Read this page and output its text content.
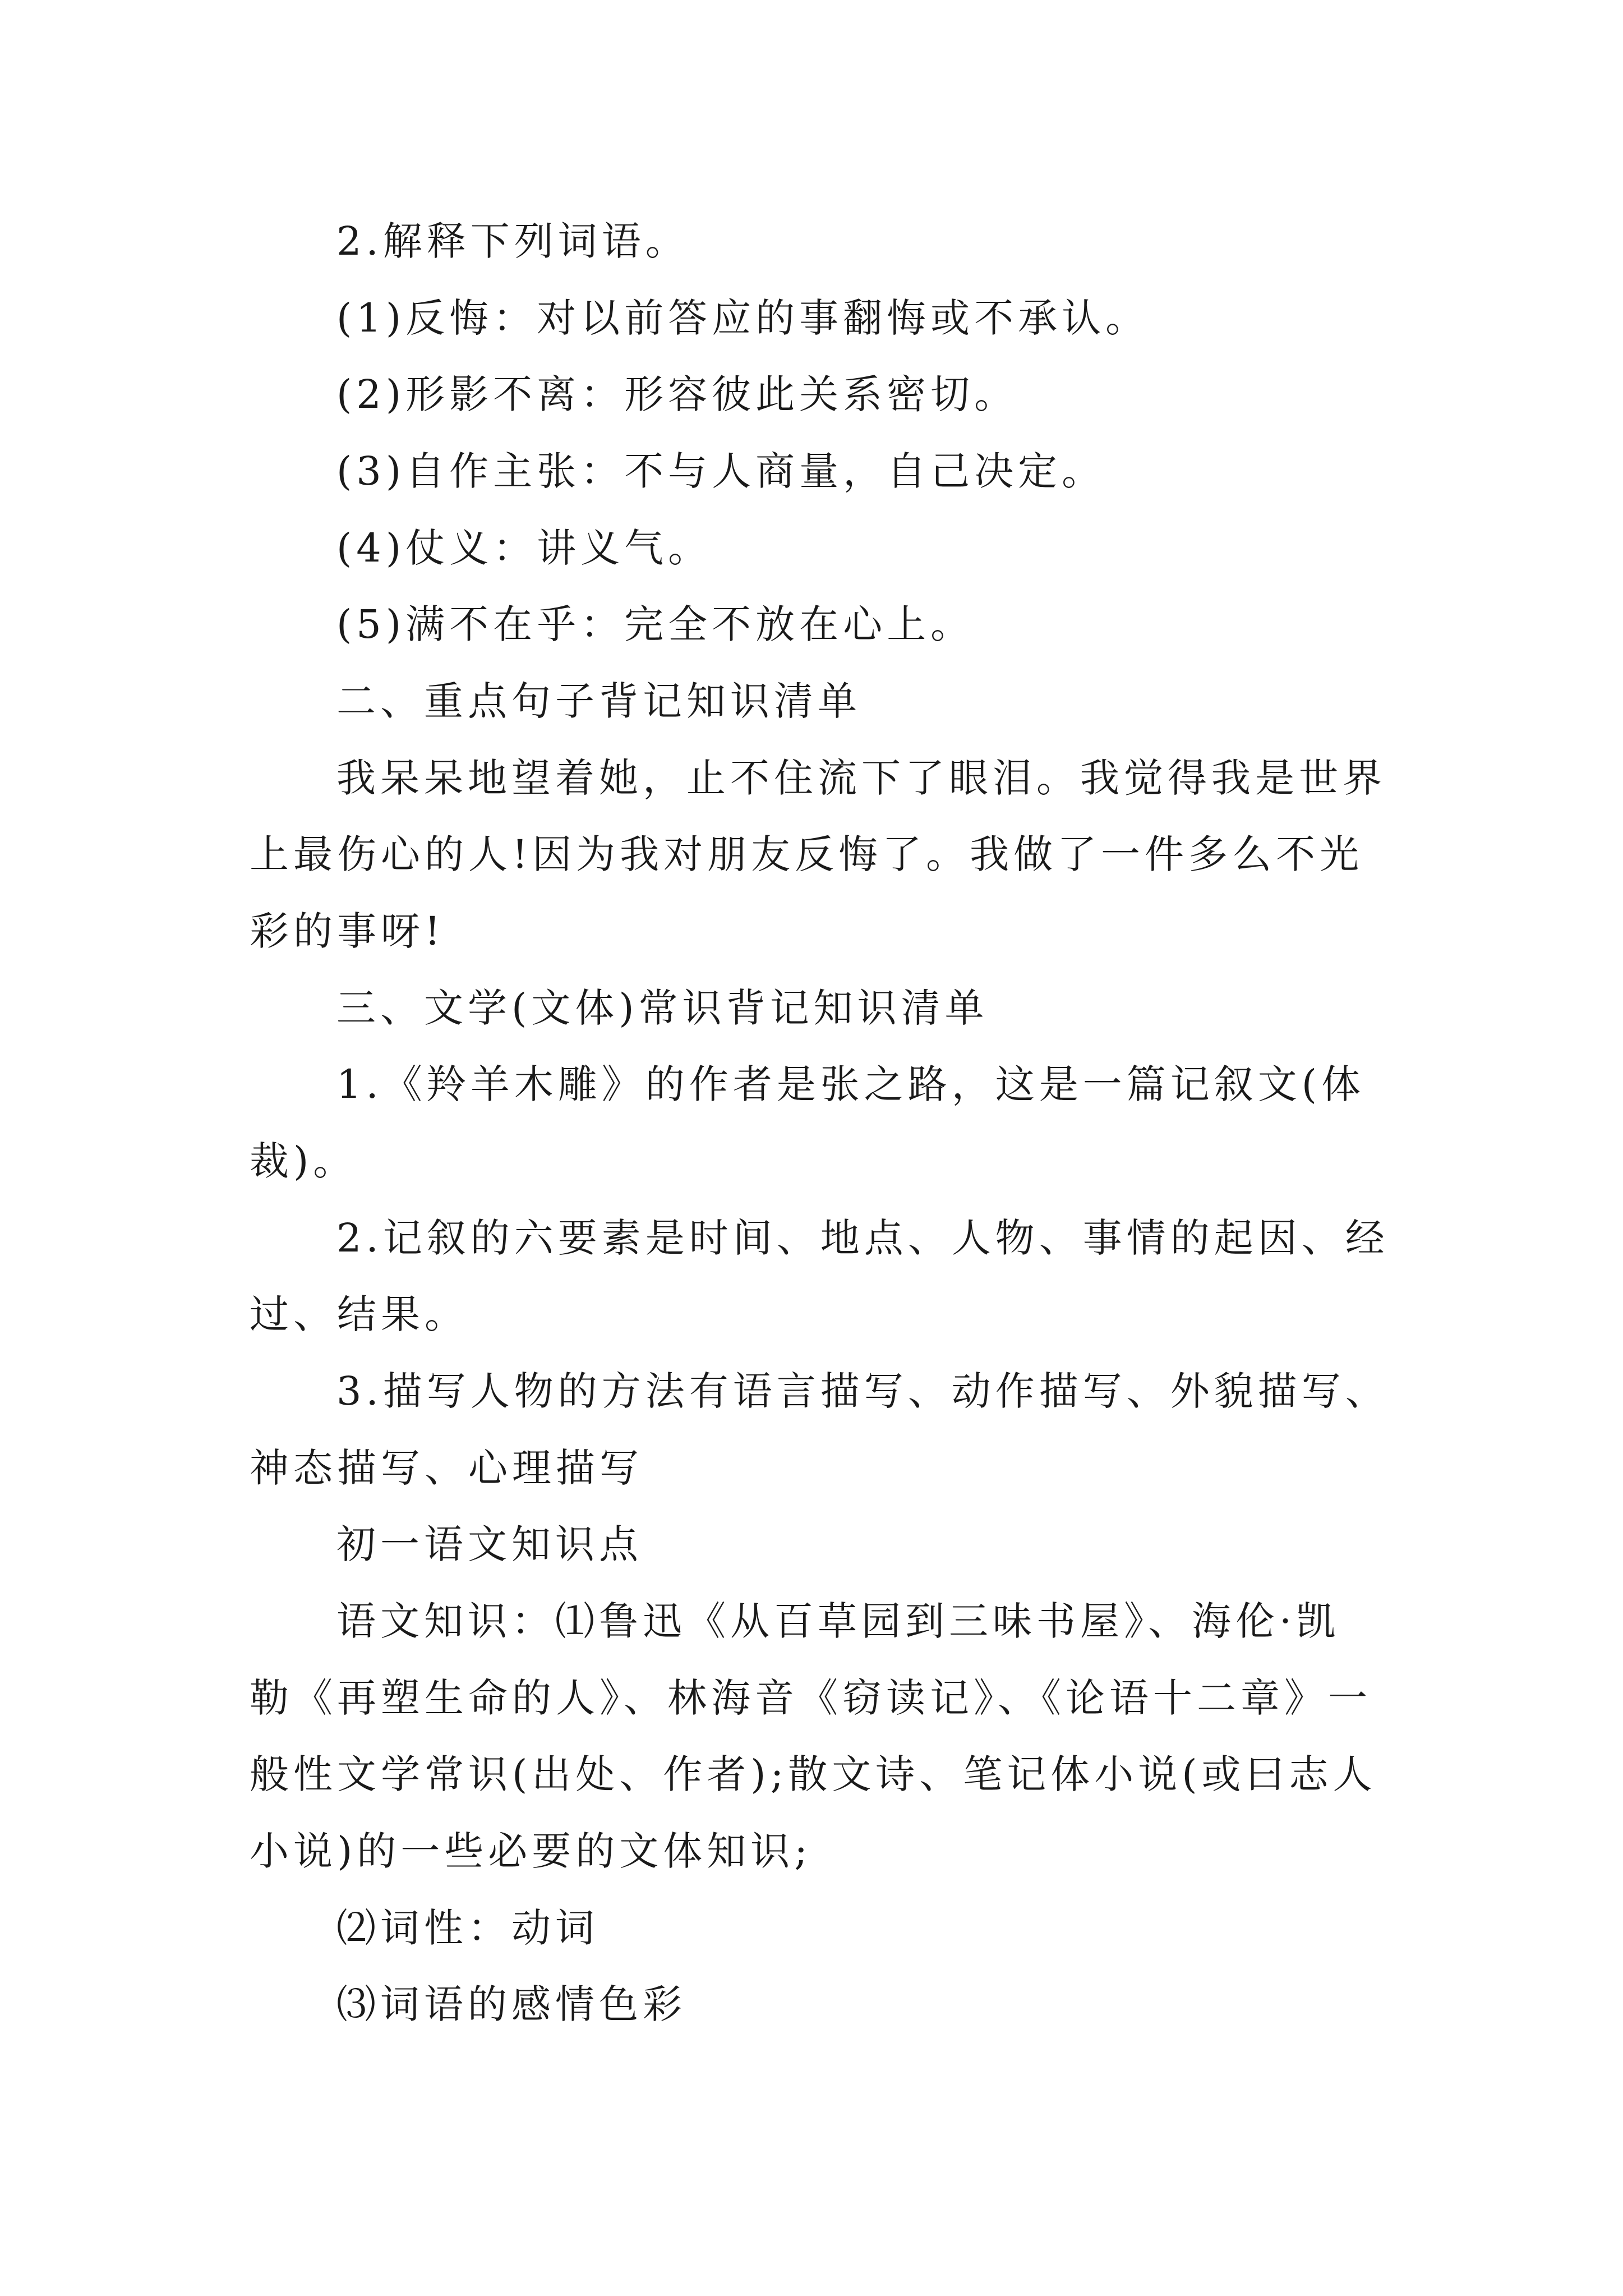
2.解释下列词语。
(1)反悔：对以前答应的事翻悔或不承认。
(2)形影不离：形容彼此关系密切。
(3)自作主张：不与人商量，自己决定。
(4)仗义：讲义气。
(5)满不在乎：完全不放在心上。
二、重点句子背记知识清单
我呆呆地望着她，止不住流下了眼泪。我觉得我是世界
上最伤心的人!因为我对朋友反悔了。我做了一件多么不光
彩的事呀!
三、文学(文体)常识背记知识清单
1.《羚羊木雕》的作者是张之路，这是一篇记叙文(体
裁)。
2.记叙的六要素是时间、地点、人物、事情的起因、经
过、结果。
3.描写人物的方法有语言描写、动作描写、外貌描写、
神态描写、心理描写
初一语文知识点
语文知识：⑴鲁迅《从百草园到三味书屋》、海伦·凯
勒《再塑生命的人》、林海音《窃读记》、《论语十二章》一
般性文学常识(出处、作者);散文诗、笔记体小说(或曰志人
小说)的一些必要的文体知识;
⑵词性：动词
⑶词语的感情色彩
